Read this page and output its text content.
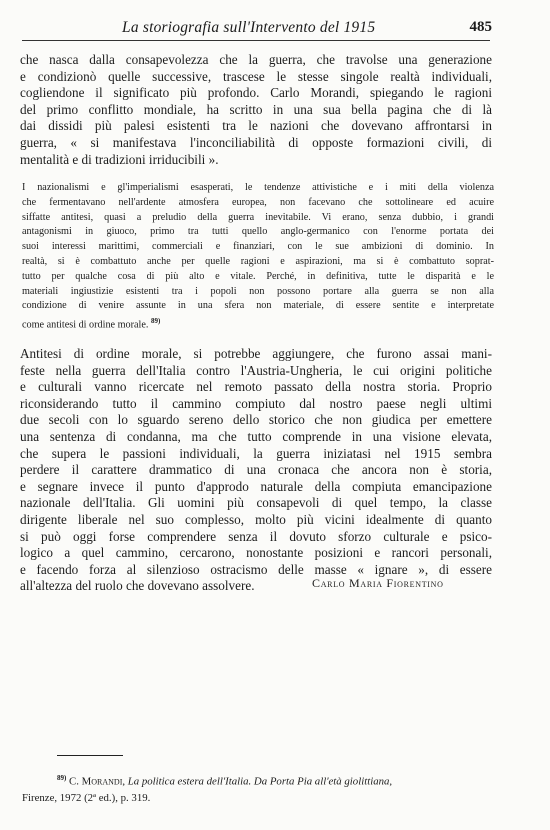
La storiografia sull'Intervento del 1915	485
che nasca dalla consapevolezza che la guerra, che travolse una generazione
e condizionò quelle successive, trascese le stesse singole realtà individuali,
cogliendone il significato più profondo. Carlo Morandi, spiegando le ragioni
del primo conflitto mondiale, ha scritto in una sua bella pagina che di là
dai dissidi più palesi esistenti tra le nazioni che dovevano affrontarsi in
guerra, « si manifestava l'inconciliabilità di opposte formazioni civili, di
mentalità e di tradizioni irriducibili ».
I nazionalismi e gl'imperialismi esasperati, le tendenze attivistiche e i miti della violenza
che fermentavano nell'ardente atmosfera europea, non facevano che sottolineare ed acuire
siffatte antitesi, quasi a preludio della guerra inevitabile. Vi erano, senza dubbio, i grandi
antagonismi in giuoco, primo tra tutti quello anglo-germanico con l'enorme portata dei
suoi interessi marittimi, commerciali e finanziari, con le sue ambizioni di dominio. In
realtà, si è combattuto anche per quelle ragioni e aspirazioni, ma si è combattuto soprat-
tutto per qualche cosa di più alto e vitale. Perché, in definitiva, tutte le disparità e le
materiali ingiustizie esistenti tra i popoli non possono portare alla guerra se non alla
condizione di venire assunte in una sfera non materiale, di essere sentite e interpretate
come antitesi di ordine morale. $^{89)}$
Antitesi di ordine morale, si potrebbe aggiungere, che furono assai mani-
feste nella guerra dell'Italia contro l'Austria-Ungheria, le cui origini politiche
e culturali vanno ricercate nel remoto passato della nostra storia. Proprio
riconsiderando tutto il cammino compiuto dal nostro paese negli ultimi
due secoli con lo sguardo sereno dello storico che non giudica per emettere
una sentenza di condanna, ma che tutto comprende in una visione elevata,
che supera le passioni individuali, la guerra iniziatasi nel 1915 sembra
perdere il carattere drammatico di una cronaca che ancora non è storia,
e segnare invece il punto d'approdo naturale della compiuta emancipazione
nazionale dell'Italia. Gli uomini più consapevoli di quel tempo, la classe
dirigente liberale nel suo complesso, molto più vicini idealmente di quanto
si può oggi forse comprendere senza il dovuto sforzo culturale e psico-
logico a quel cammino, cercarono, nonostante posizioni e rancori personali,
e facendo forza al silenzioso ostracismo delle masse « ignare », di essere
all'altezza del ruolo che dovevano assolvere.	Carlo Maria Fiorentino
$^{89)}$ C. Morandi, La politica estera dell'Italia. Da Porta Pia all'età giolittiana,
Firenze, 1972 (2ª ed.), p. 319.
